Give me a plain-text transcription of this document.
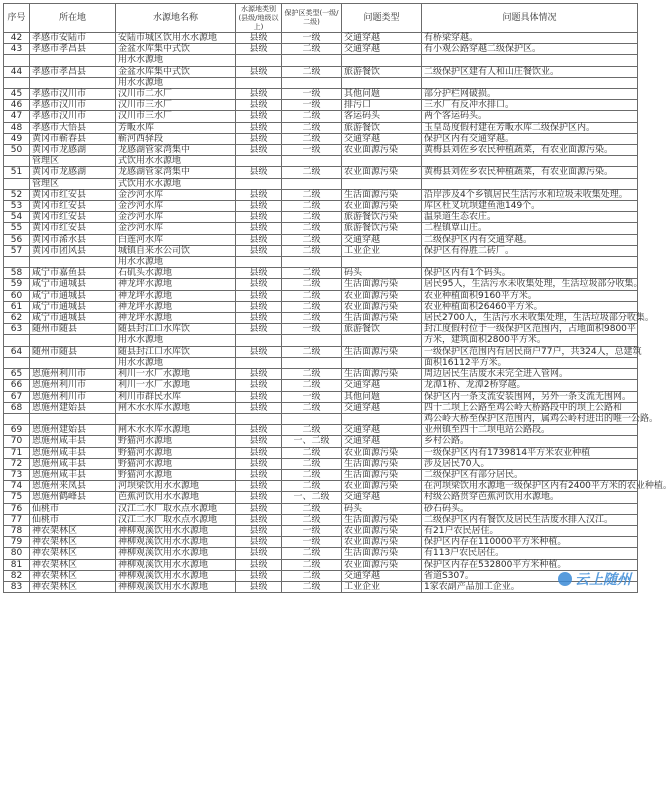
序号	所在地	水源地名称	水源地类别(县级/地级以上)	保护区类型(一级/二级)	问题类型	问题具体情况
42	孝感市安陆市	安陆市城区饮用水水源地	县级	一级	交通穿越	有桥梁穿越。
43	孝感市孝昌县	金盆水库集中式饮	县级	二级	交通穿越	有小观公路穿越二级保护区。
		用水水源地				
44	孝感市孝昌县	金盆水库集中式饮	县级	二级	旅游餐饮	二级保护区建有人和山庄餐饮业。
		用水水源地				
45	孝感市汉川市	汉川市二水厂	县级	一级	其他问题	部分护栏网破损。
46	孝感市汉川市	汉川市三水厂	县级	一级	排污口	三水厂有反冲水排口。
47	孝感市汉川市	汉川市三水厂	县级	二级	客运码头	两个客运码头。
48	孝感市大悟县	芳畈水库	县级	二级	旅游餐饮	玉皇岛度假村建在芳畈水库二级保护区内。
49	黄冈市蕲春县	蕲河西驿段	县级	二级	交通穿越	保护区内有交通穿越。
50	黄冈市龙感湖	龙感湖管家湾集中	县级	一级	农业面源污染	黄梅县刘佐乡农民种植蔬菜，有农业面源污染。
	管理区	式饮用水水源地				
51	黄冈市龙感湖	龙感湖管家湾集中	县级	二级	农业面源污染	黄梅县刘佐乡农民种植蔬菜，有农业面源污染。
	管理区	式饮用水水源地				
52	黄冈市红安县	金沙河水库	县级	二级	生活面源污染	沿岸涉及4个乡镇居民生活污水和垃圾未收集处理。
53	黄冈市红安县	金沙河水库	县级	二级	农业面源污染	库区杜叉坑坝建鱼池149个。
54	黄冈市红安县	金沙河水库	县级	二级	旅游餐饮污染	温泉道生态农庄。
55	黄冈市红安县	金沙河水库	县级	二级	旅游餐饮污染	二程镇覃山庄。
56	黄冈市浠水县	白莲河水库	县级	二级	交通穿越	二级保护区内有交通穿越。
57	黄冈市团风县	城镇自来水公司饮	县级	二级	工业企业	保护区有得胜二砖厂。
		用水水源地				
58	咸宁市嘉鱼县	石矶头水源地	县级	二级	码头	保护区内有1个码头。
59	咸宁市通城县	神龙坪水源地	县级	二级	生活面源污染	居民95人，生活污水未收集处理，生活垃圾部分收集。
60	咸宁市通城县	神龙坪水源地	县级	二级	农业面源污染	农业种植面积9160平方米。
61	咸宁市通城县	神龙坪水源地	县级	二级	农业面源污染	农业种植面积26460平方米。
62	咸宁市通城县	神龙坪水源地	县级	二级	生活面源污染	居民2700人，生活污水未收集处理，生活垃圾部分收集。
63	随州市随县	随县封江口水库饮	县级	一级	旅游餐饮	封江度假村位于一级保护区范围内，占地面积9800平
		用水水源地				方米，建筑面积2800平方米。
64	随州市随县	随县封江口水库饮	县级	二级	生活面源污染	一级保护区范围内有居民商户77户，共324人，总建筑
		用水水源地				面积16112平方米。
65	恩施州利川市	利川一水厂水源地	县级	二级	生活面源污染	周边居民生活废水未完全进入管网。
66	恩施州利川市	利川一水厂水源地	县级	二级	交通穿越	龙潭1桥、龙潭2桥穿越。
67	恩施州利川市	利川市群民水库	县级	一级	其他问题	保护区内一条支流安装围网，另外一条支流无围网。
68	恩施州建始县	闸木水水库水源地	县级	二级	交通穿越	四十二坝上公路至鸡公岭大桥路段中的坝上公路和
						鸡公岭大桥至保护区范围内，属鸡公岭村进出的唯一公路。
69	恩施州建始县	闸木水水库水源地	县级	二级	交通穿越	业州镇至四十二坝电站公路段。
70	恩施州咸丰县	野猫河水源地	县级	一、二级	交通穿越	乡村公路。
71	恩施州咸丰县	野猫河水源地	县级	二级	农业面源污染	一级保护区内有1739814平方米农业种植
72	恩施州咸丰县	野猫河水源地	县级	二级	生活面源污染	涉及居民70人。
73	恩施州咸丰县	野猫河水源地	县级	二级	生活面源污染	二级保护区有部分居民。
74	恩施州来凤县	河坝梁饮用水水源地	县级	二级	农业面源污染	在河坝梁饮用水源地一级保护区内有2400平方米的农业种植。
75	恩施州鹤峰县	芭蕉河饮用水水源地	县级	一、二级	交通穿越	村级公路贯穿芭蕉河饮用水源地。
76	仙桃市	汉江二水厂取水点水源地	县级	二级	码头	砂石码头。
77	仙桃市	汉江二水厂取水点水源地	县级	二级	生活面源污染	二级保护区内有餐饮及居民生活废水排入汉江。
78	神农架林区	神柳观溪饮用水水源地	县级	一级	农业面源污染	有21户农民居住。
79	神农架林区	神柳观溪饮用水水源地	县级	一级	农业面源污染	保护区内存在110000平方米种植。
80	神农架林区	神柳观溪饮用水水源地	县级	二级	生活面源污染	有113户农民居住。
81	神农架林区	神柳观溪饮用水水源地	县级	二级	农业面源污染	保护区内存在532800平方米种植。
82	神农架林区	神柳观溪饮用水水源地	县级	二级	交通穿越	省道S307。
83	神农架林区	神柳观溪饮用水水源地	县级	二级	工业企业	1家农副产品加工企业。	云上随州
